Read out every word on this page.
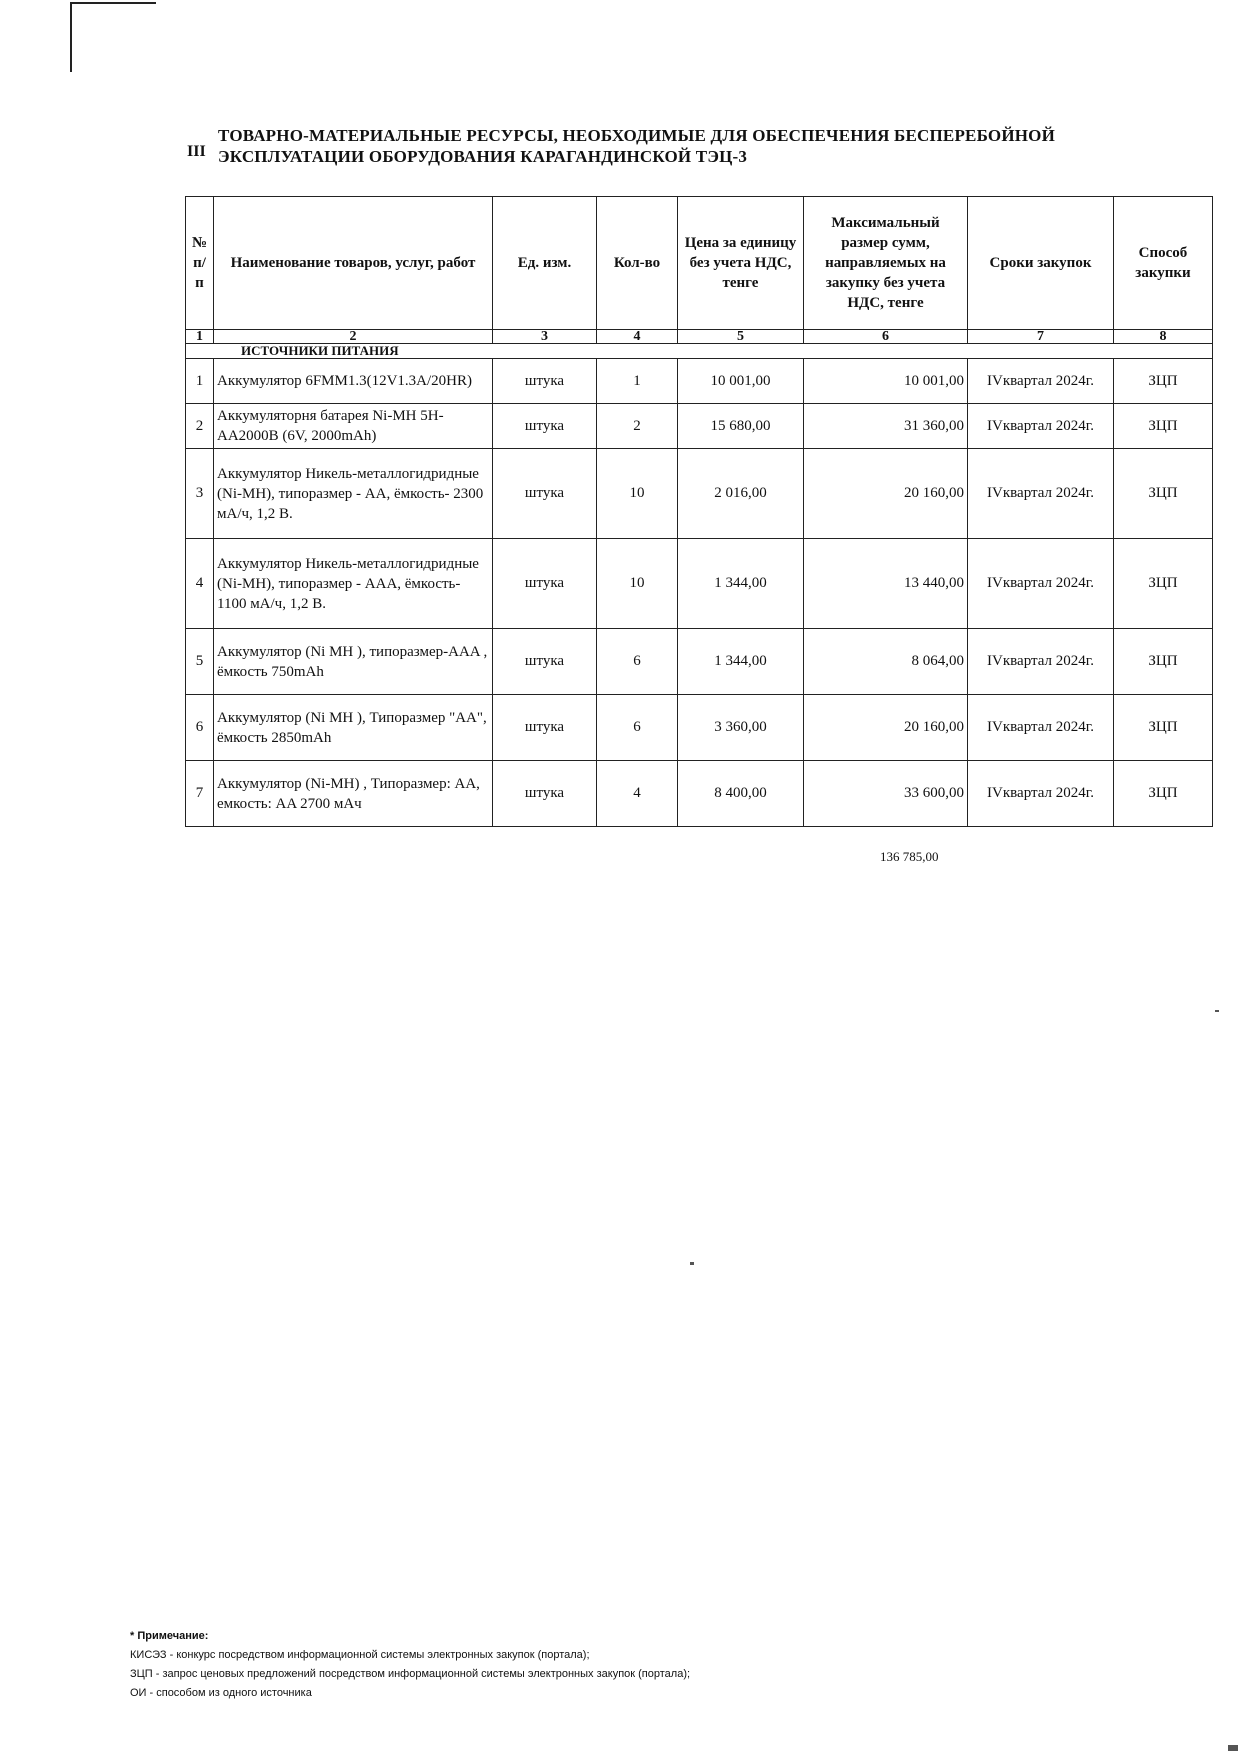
III
ТОВАРНО-МАТЕРИАЛЬНЫЕ РЕСУРСЫ, НЕОБХОДИМЫЕ ДЛЯ ОБЕСПЕЧЕНИЯ БЕСПЕРЕБОЙНОЙ ЭКСПЛУАТАЦИИ ОБОРУДОВАНИЯ КАРАГАНДИНСКОЙ ТЭЦ-3
№ п/п	Наименование товаров, услуг, работ	Ед. изм.	Кол-во	Цена за единицу без учета НДС, тенге	Максимальный размер сумм, направляемых на закупку без учета НДС, тенге	Сроки закупок	Способ закупки
1	2	3	4	5	6	7	8
ИСТОЧНИКИ ПИТАНИЯ							
1	Аккумулятор 6FMM1.3(12V1.3A/20HR)	штука	1	10 001,00	10 001,00	IVквартал 2024г.	ЗЦП
2	Аккумуляторня батарея Ni-MH 5H-AA2000B (6V, 2000mAh)	штука	2	15 680,00	31 360,00	IVквартал 2024г.	ЗЦП
3	Аккумулятор Никель-металлогидридные (Ni-MH), типоразмер - AA, ёмкость- 2300 мА/ч, 1,2 В.	штука	10	2 016,00	20 160,00	IVквартал 2024г.	ЗЦП
4	Аккумулятор Никель-металлогидридные (Ni-MH), типоразмер - AAA, ёмкость- 1100 мА/ч, 1,2 В.	штука	10	1 344,00	13 440,00	IVквартал 2024г.	ЗЦП
5	Аккумулятор (Ni MH ), типоразмер-AAA , ёмкость 750mAh	штука	6	1 344,00	8 064,00	IVквартал 2024г.	ЗЦП
6	Аккумулятор (Ni MH ), Типоразмер "AA", ёмкость 2850mAh	штука	6	3 360,00	20 160,00	IVквартал 2024г.	ЗЦП
7	Аккумулятор (Ni-MH) , Типоразмер: AA, емкость: AA 2700 мАч	штука	4	8 400,00	33 600,00	IVквартал 2024г.	ЗЦП
136 785,00
* Примечание:
КИСЭЗ - конкурс посредством информационной системы электронных закупок (портала);
ЗЦП - запрос ценовых предложений посредством информационной системы электронных закупок (портала);
ОИ - способом из одного источника
